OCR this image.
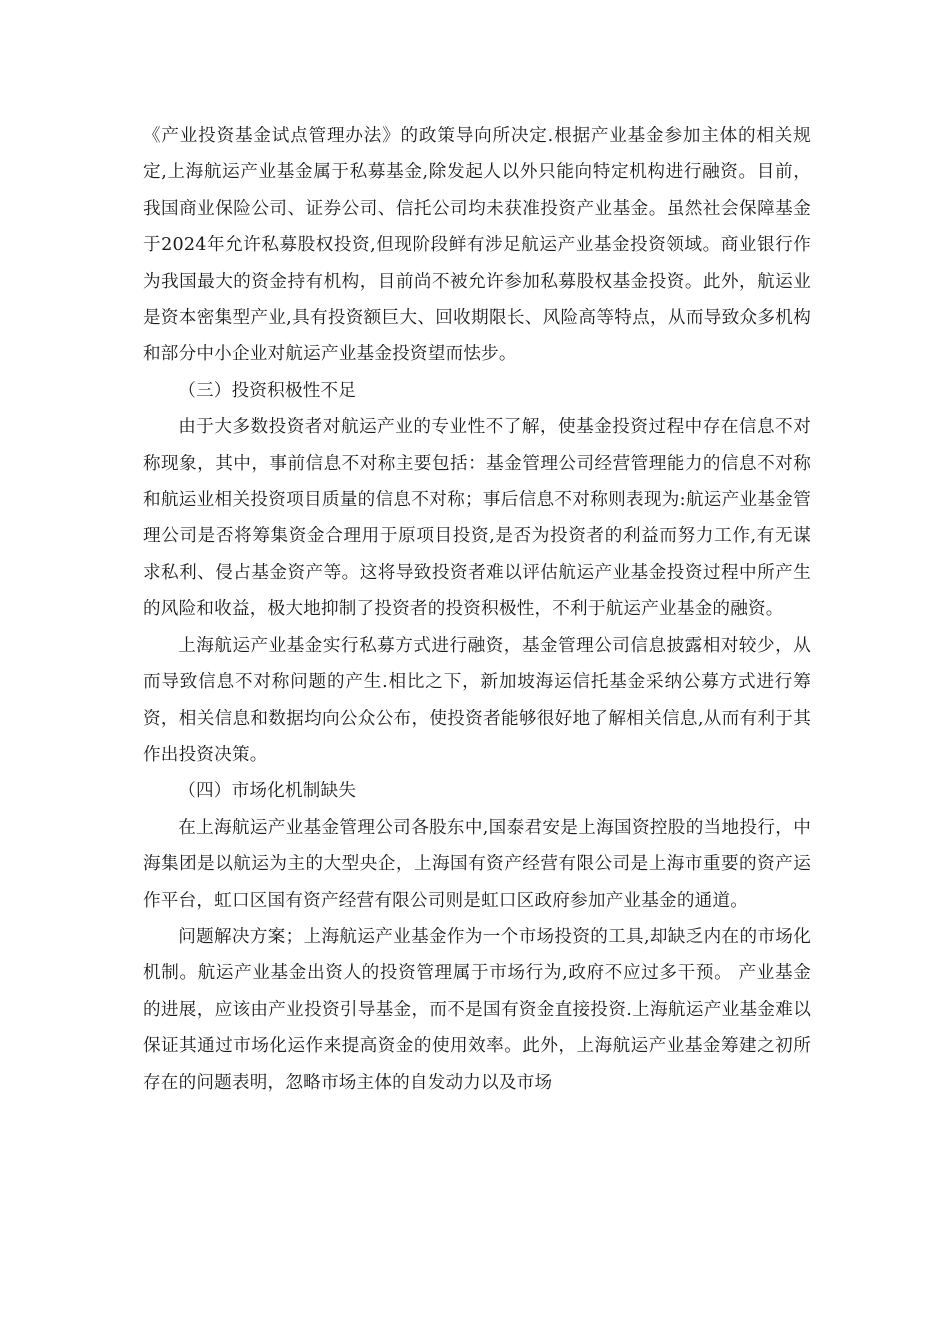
《产业投资基金试点管理办法》的政策导向所决定.根据产业基金参加主体的相关规定,上海航运产业基金属于私募基金,除发起人以外只能向特定机构进行融资。目前，我国商业保险公司、证券公司、信托公司均未获准投资产业基金。虽然社会保障基金于2024年允许私募股权投资,但现阶段鲜有涉足航运产业基金投资领域。商业银行作为我国最大的资金持有机构，目前尚不被允许参加私募股权基金投资。此外，航运业是资本密集型产业,具有投资额巨大、回收期限长、风险高等特点，从而导致众多机构和部分中小企业对航运产业基金投资望而怯步。

（三）投资积极性不足

由于大多数投资者对航运产业的专业性不了解，使基金投资过程中存在信息不对称现象，其中，事前信息不对称主要包括：基金管理公司经营管理能力的信息不对称和航运业相关投资项目质量的信息不对称；事后信息不对称则表现为:航运产业基金管理公司是否将筹集资金合理用于原项目投资,是否为投资者的利益而努力工作,有无谋求私利、侵占基金资产等。这将导致投资者难以评估航运产业基金投资过程中所产生的风险和收益，极大地抑制了投资者的投资积极性，不利于航运产业基金的融资。

上海航运产业基金实行私募方式进行融资，基金管理公司信息披露相对较少，从而导致信息不对称问题的产生.相比之下，新加坡海运信托基金采纳公募方式进行筹资，相关信息和数据均向公众公布，使投资者能够很好地了解相关信息,从而有利于其作出投资决策。

（四）市场化机制缺失

在上海航运产业基金管理公司各股东中,国泰君安是上海国资控股的当地投行，中海集团是以航运为主的大型央企，上海国有资产经营有限公司是上海市重要的资产运作平台，虹口区国有资产经营有限公司则是虹口区政府参加产业基金的通道。

问题解决方案；上海航运产业基金作为一个市场投资的工具,却缺乏内在的市场化机制。航运产业基金出资人的投资管理属于市场行为,政府不应过多干预。 产业基金的进展，应该由产业投资引导基金，而不是国有资金直接投资.上海航运产业基金难以保证其通过市场化运作来提高资金的使用效率。此外，上海航运产业基金筹建之初所存在的问题表明，忽略市场主体的自发动力以及市场
